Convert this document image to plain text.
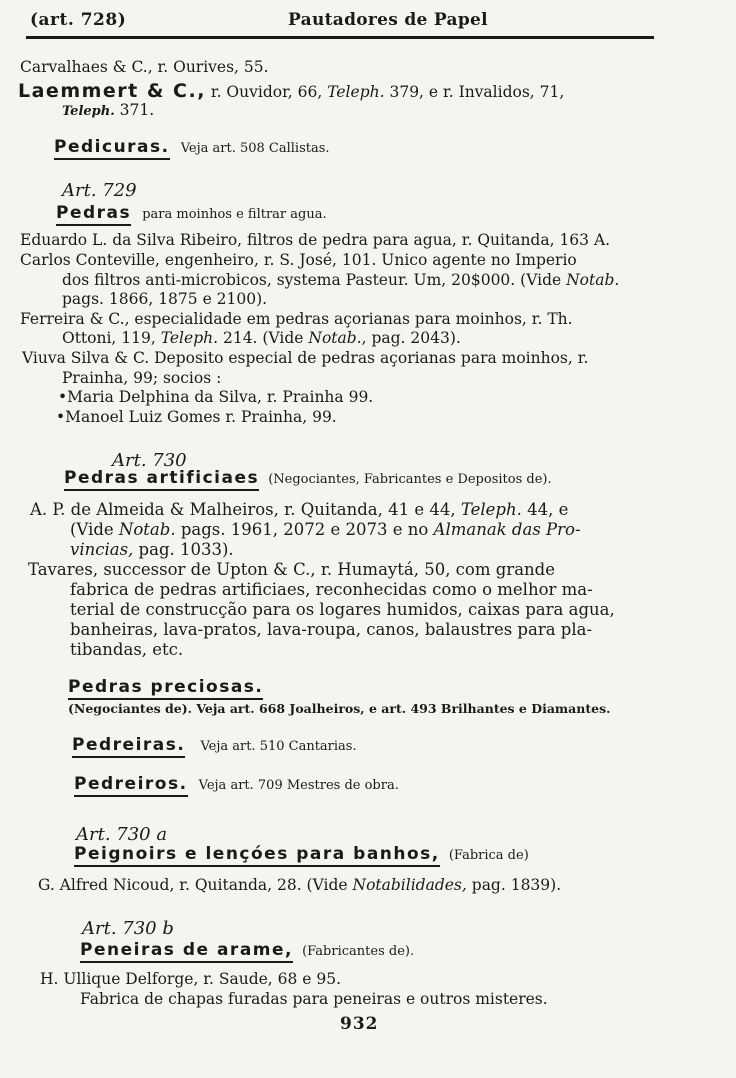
(art. 728)	Pautadores de Papel
Carvalhaes & C., r. Ourives, 55.
Laemmert & C., r. Ouvidor, 66, Teleph. 379, e r. Invalidos, 71,
Teleph. 371.
Pedicuras. Veja art. 508 Callistas.
Art. 729
Pedras para moinhos e filtrar agua.
Eduardo L. da Silva Ribeiro, filtros de pedra para agua, r. Quitanda, 163 A.
Carlos Conteville, engenheiro, r. S. José, 101. Unico agente no Imperio
dos filtros anti-microbicos, systema Pasteur. Um, 20$000. (Vide Notab.
pags. 1866, 1875 e 2100).
Ferreira & C., especialidade em pedras açorianas para moinhos, r. Th.
Ottoni, 119, Teleph. 214. (Vide Notab., pag. 2043).
Viuva Silva & C. Deposito especial de pedras açorianas para moinhos, r.
Prainha, 99; socios :
•Maria Delphina da Silva, r. Prainha 99.
•Manoel Luiz Gomes r. Prainha, 99.
Art. 730
Pedras artificiaes (Negociantes, Fabricantes e Depositos de).
A. P. de Almeida & Malheiros, r. Quitanda, 41 e 44, Teleph. 44, e
(Vide Notab. pags. 1961, 2072 e 2073 e no Almanak das Pro-
vincias, pag. 1033).
Tavares, successor de Upton & C., r. Humaytá, 50, com grande
fabrica de pedras artificiaes, reconhecidas como o melhor ma-
terial de construcção para os logares humidos, caixas para agua,
banheiras, lava-pratos, lava-roupa, canos, balaustres para pla-
tibandas, etc.
Pedras preciosas.
(Negociantes de). Veja art. 668 Joalheiros, e art. 493 Brilhantes e Diamantes.
Pedreiras. Veja art. 510 Cantarias.
Pedreiros. Veja art. 709 Mestres de obra.
Art. 730 a
Peignoirs e lençóes para banhos, (Fabrica de)
G. Alfred Nicoud, r. Quitanda, 28. (Vide Notabilidades, pag. 1839).
Art. 730 b
Peneiras de arame, (Fabricantes de).
H. Ullique Delforge, r. Saude, 68 e 95.
Fabrica de chapas furadas para peneiras e outros misteres.
932
